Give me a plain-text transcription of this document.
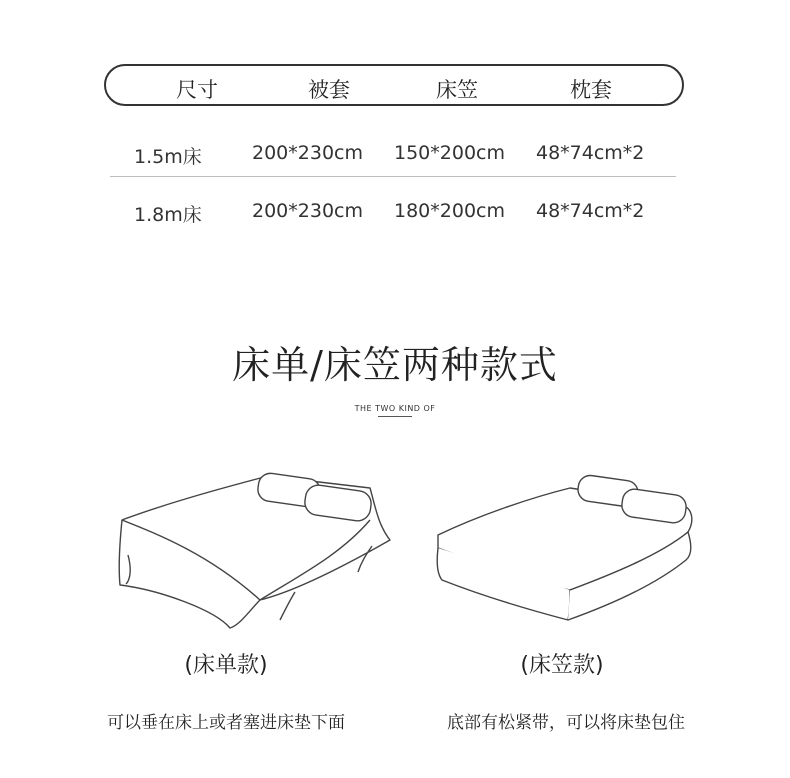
尺寸	被套	床笠	枕套
1.5m床	200*230cm 150*200cm 48*74cm*2
1.8m床	200*230cm 180*200cm 48*74cm*2
床单/床笠两种款式
THE TWO KIND OF
(床单款)	(床笠款)
可以垂在床上或者塞进床垫下面	底部有松紧带，可以将床垫包住
